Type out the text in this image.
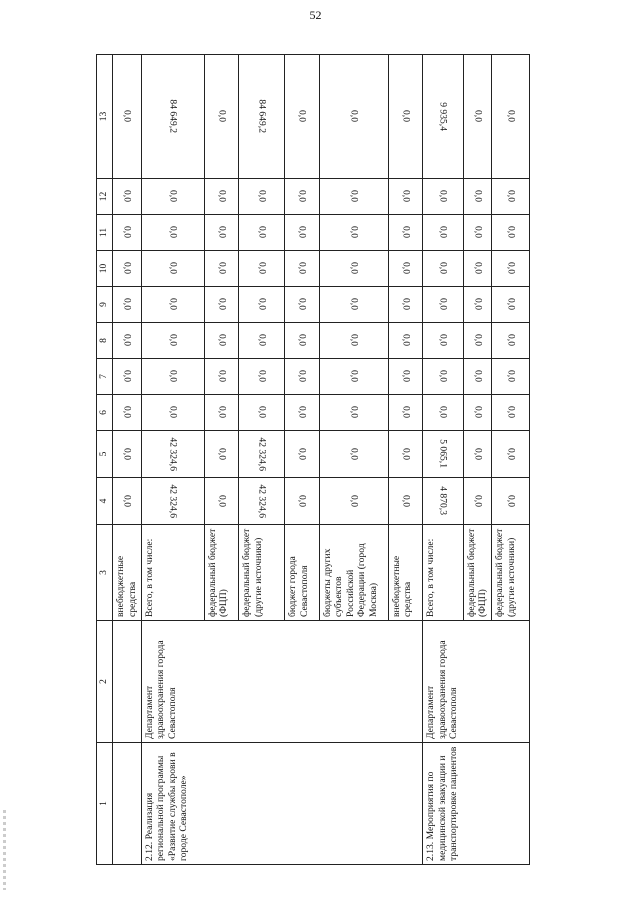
52
1	2	3	4	5	6	7	8	9	10	11	12	13
		внебюджетные средства	0,0	0,0	0,0	0,0	0,0	0,0	0,0	0,0	0,0	0,0
2.12. Реализация региональной программы «Развитие службы крови в городе Севастополе»	Департамент здравоохранения города Севастополя	Всего, в том числе:	42 324,6	42 324,6	0,0	0,0	0,0	0,0	0,0	0,0	0,0	84 649,2
		федеральный бюджет (ФЦП)	0,0	0,0	0,0	0,0	0,0	0,0	0,0	0,0	0,0	0,0
		федеральный бюджет (другие источники)	42 324,6	42 324,6	0,0	0,0	0,0	0,0	0,0	0,0	0,0	84 649,2
		бюджет города Севастополя	0,0	0,0	0,0	0,0	0,0	0,0	0,0	0,0	0,0	0,0
		бюджеты других субъектов Российской Федерации (город Москва)	0,0	0,0	0,0	0,0	0,0	0,0	0,0	0,0	0,0	0,0
		внебюджетные средства	0,0	0,0	0,0	0,0	0,0	0,0	0,0	0,0	0,0	0,0
2.13. Мероприятия по медицинской эвакуации и транспортировке пациентов	Департамент здравоохранения города Севастополя	Всего, в том числе:	4 870,3	5 065,1	0,0	0,0	0,0	0,0	0,0	0,0	0,0	9 935,4
		федеральный бюджет (ФЦП)	0,0	0,0	0,0	0,0	0,0	0,0	0,0	0,0	0,0	0,0
		федеральный бюджет (другие источники)	0,0	0,0	0,0	0,0	0,0	0,0	0,0	0,0	0,0	0,0
